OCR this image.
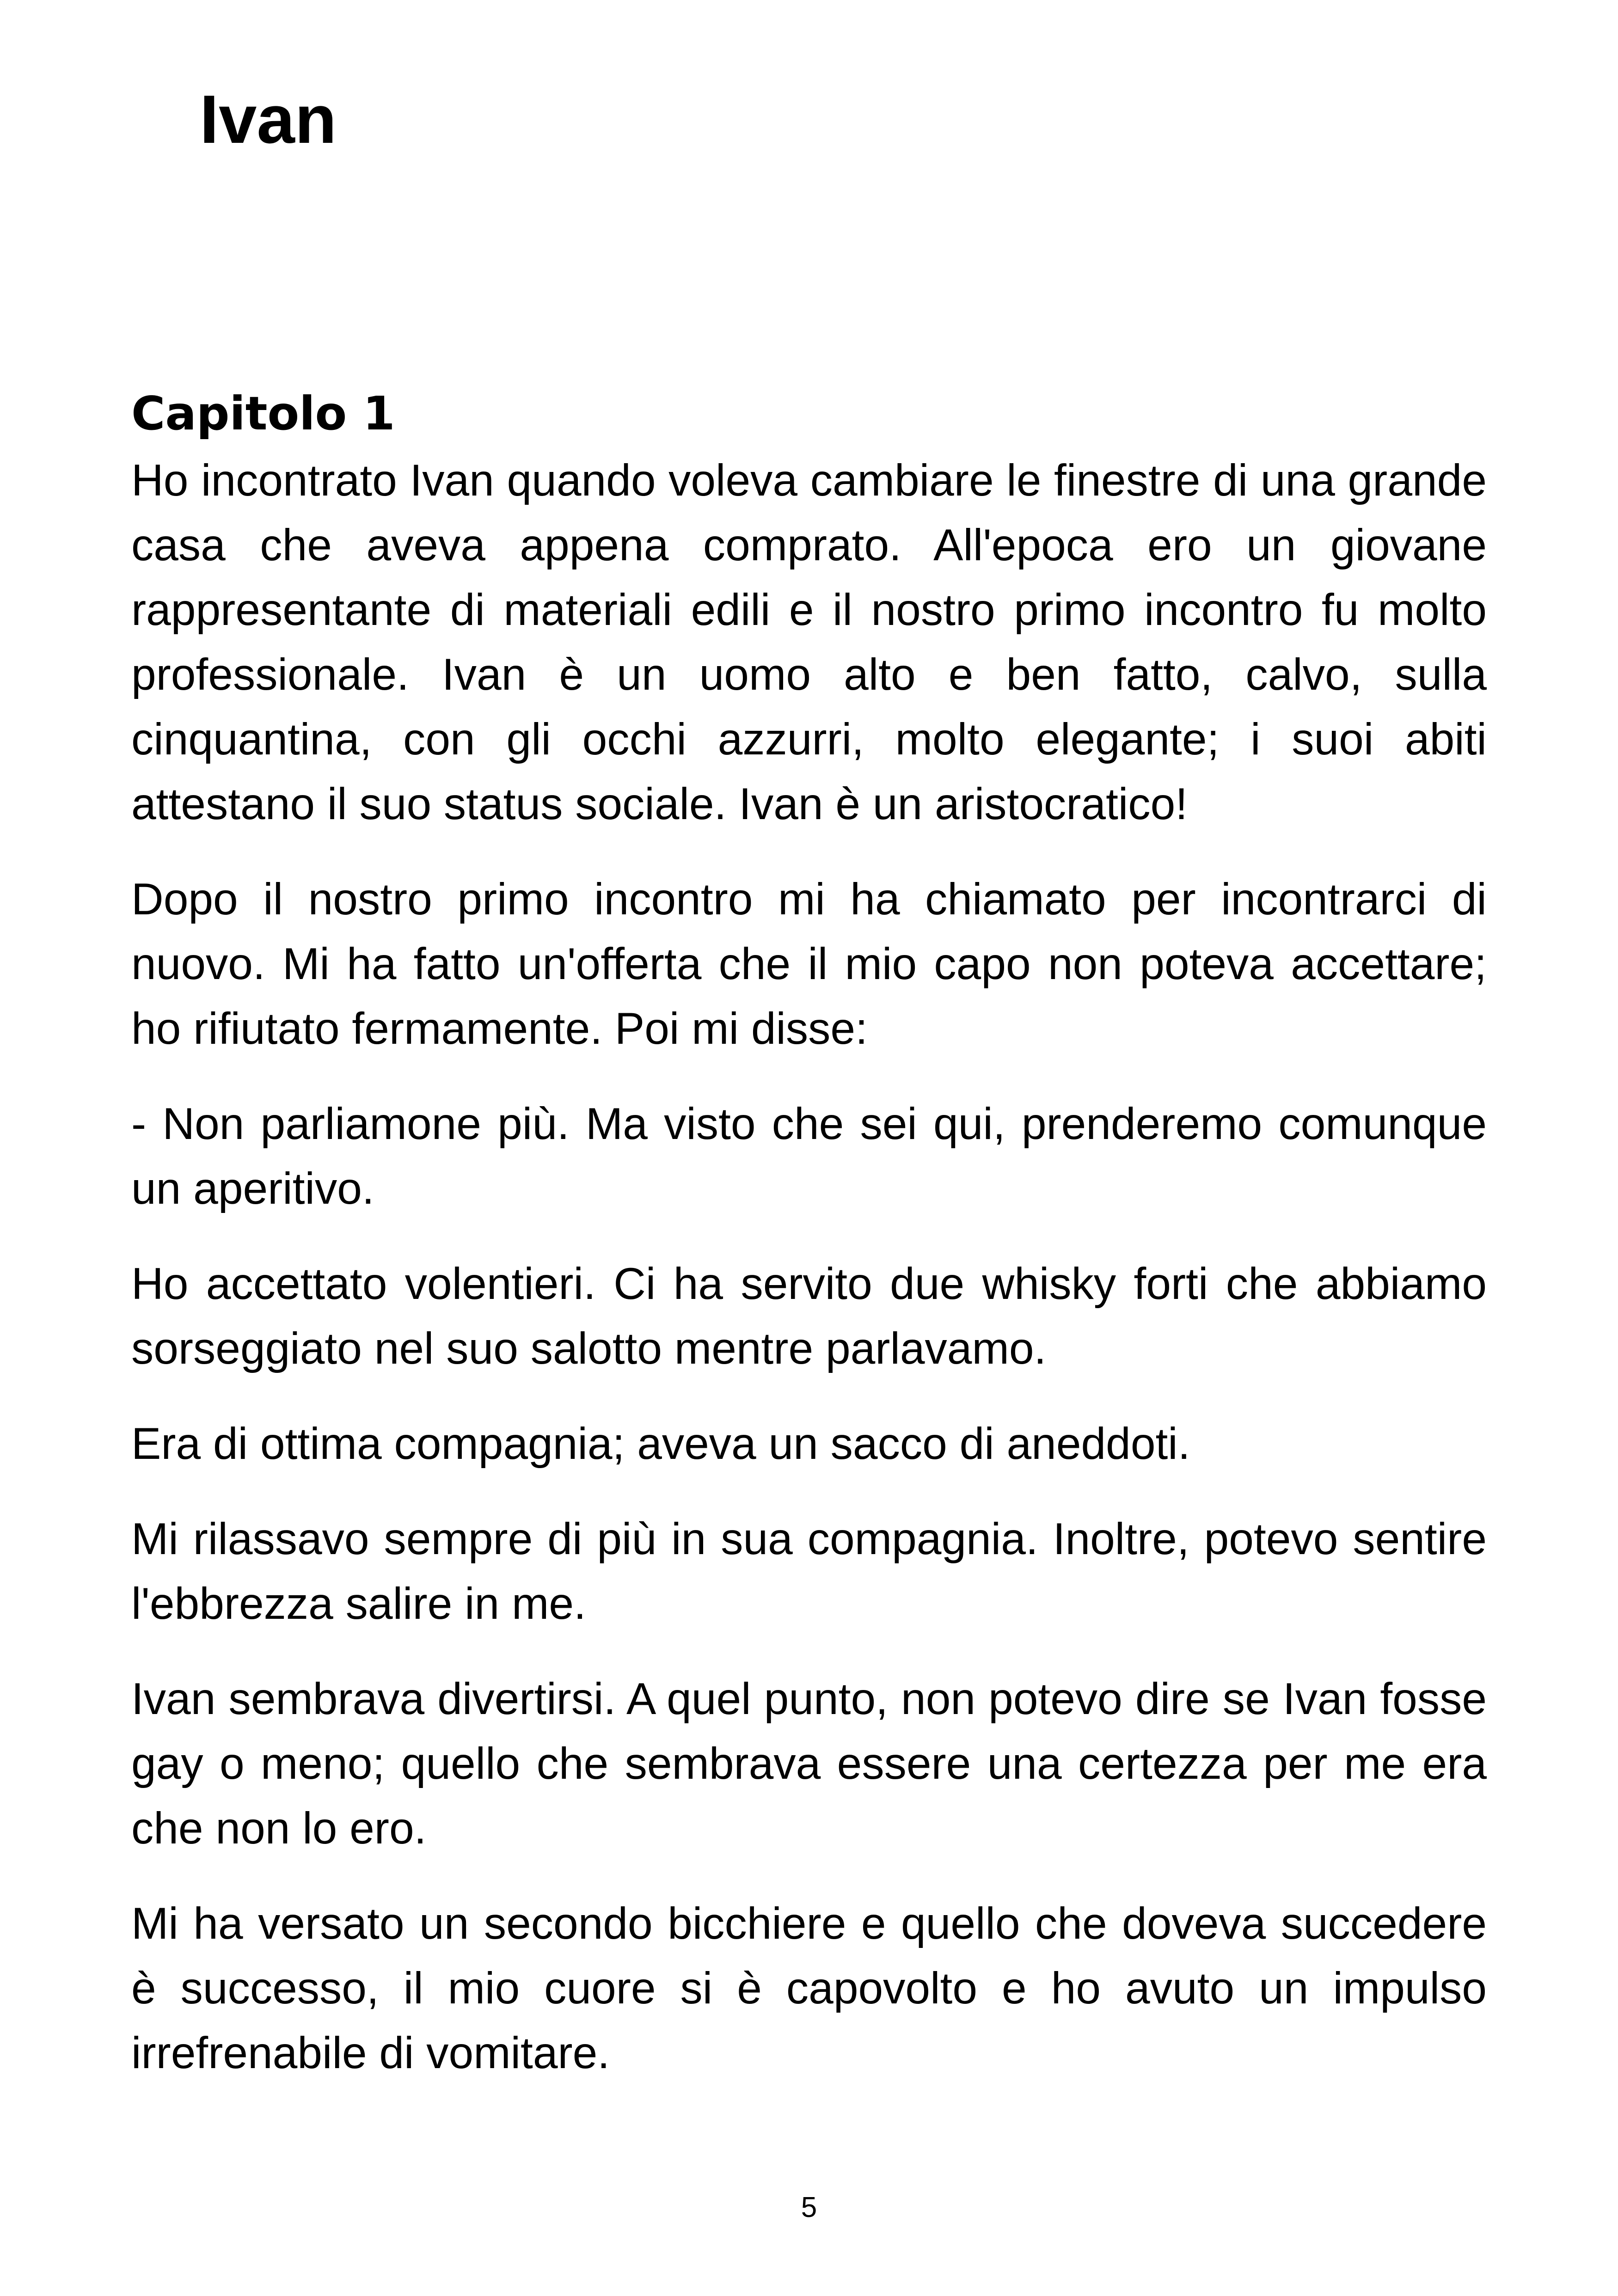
Ivan
Capitolo 1

Ho incontrato Ivan quando voleva cambiare le finestre di una grande casa che aveva appena comprato. All'epoca ero un giovane rappresentante di materiali edili e il nostro primo incontro fu molto professionale. Ivan è un uomo alto e ben fatto, calvo, sulla cinquantina, con gli occhi azzurri, molto elegante; i suoi abiti attestano il suo status sociale. Ivan è un aristocratico!

Dopo il nostro primo incontro mi ha chiamato per incontrarci di nuovo. Mi ha fatto un'offerta che il mio capo non poteva accettare; ho rifiutato fermamente. Poi mi disse:

- Non parliamone più. Ma visto che sei qui, prenderemo comunque un aperitivo.

Ho accettato volentieri. Ci ha servito due whisky forti che abbiamo sorseggiato nel suo salotto mentre parlavamo.

Era di ottima compagnia; aveva un sacco di aneddoti.

Mi rilassavo sempre di più in sua compagnia. Inoltre, potevo sentire l'ebbrezza salire in me.

Ivan sembrava divertirsi. A quel punto, non potevo dire se Ivan fosse gay o meno; quello che sembrava essere una certezza per me era che non lo ero.

Mi ha versato un secondo bicchiere e quello che doveva succedere è successo, il mio cuore si è capovolto e ho avuto un impulso irrefrenabile di vomitare.

5
